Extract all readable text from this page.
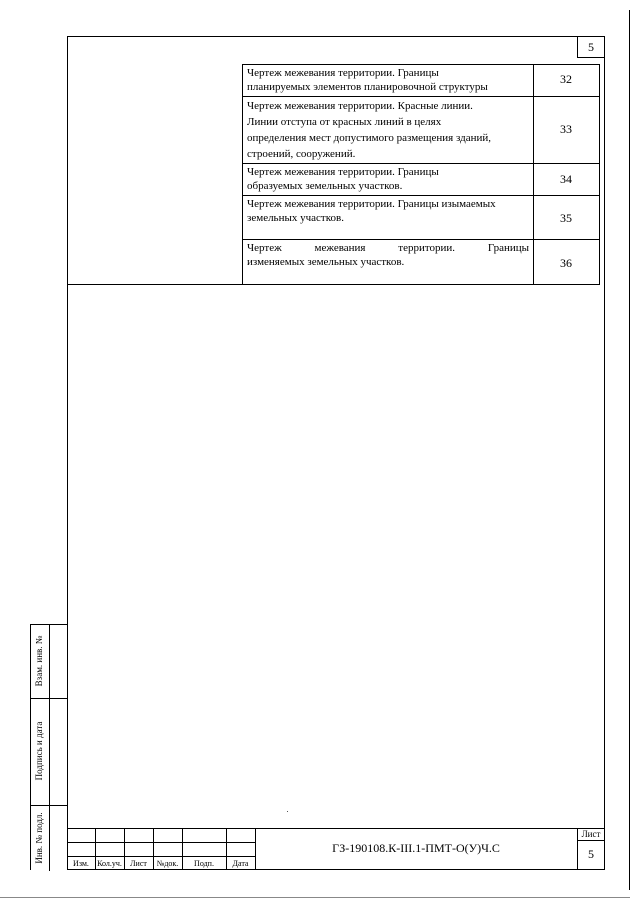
5
Чертеж межевания территории. Границы
планируемых элементов планировочной структуры
32
Чертеж межевания территории. Красные линии.
Линии отступа от красных линий в целях
определения мест допустимого размещения зданий,
строений, сооружений.
33
Чертеж межевания территории. Границы
образуемых земельных участков.	34
Чертеж межевания территории. Границы изымаемых
земельных участков.	35
Чертеж межевания территории. Границы
изменяемых земельных участков.	36
Взам. инв. №
Подпись и дата
Инв. № подл.	Изм.	Кол.уч.	Лист	№док.	Подп.	Дата
ГЗ-190108.К-III.1-ПМТ-О(У)Ч.С
Лист
5
